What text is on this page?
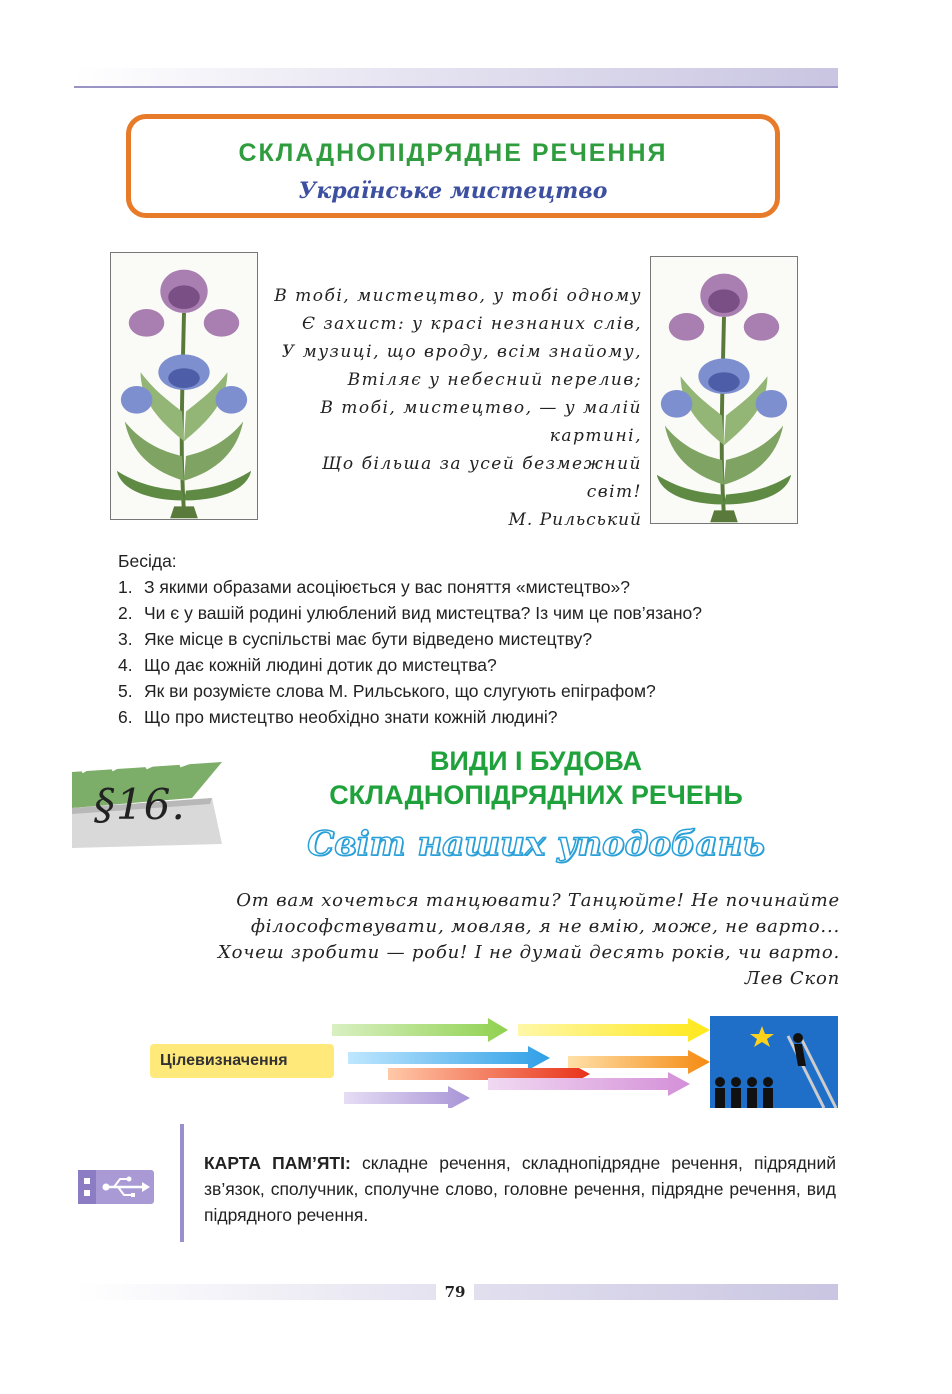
СКЛАДНОПІДРЯДНЕ РЕЧЕННЯ
Українське мистецтво
В тобі, мистецтво, у тобі одному
Є захист: у красі незнаних слів,
У музиці, що вроду, всім знайому,
Втіляє у небесний перелив;
В тобі, мистецтво, — у малій
картині,
Що більша за усей безмежний світ!
М. Рильський
Бесіда:
1. З якими образами асоціюється у вас поняття «мистецтво»?
2. Чи є у вашій родині улюблений вид мистецтва? Із чим це пов’язано?
3. Яке місце в суспільстві має бути відведено мистецтву?
4. Що дає кожній людині дотик до мистецтва?
5. Як ви розумієте слова М. Рильського, що слугують епіграфом?
6. Що про мистецтво необхідно знати кожній людині?
§16.
ВИДИ І БУДОВА
СКЛАДНОПІДРЯДНИХ РЕЧЕНЬ
Світ наших уподобань
От вам хочеться танцювати? Танцюйте! Не починайте
філософствувати, мовляв, я не вмію, може, не варто...
Хочеш зробити — роби! І не думай десять років, чи варто.
Лев Скоп
Цілевизначення
КАРТА ПАМ’ЯТІ: складне речення, складнопідрядне речення, підрядний зв’язок, сполучник, сполучне слово, головне речення, підрядне речення, вид підрядного речення.
79
